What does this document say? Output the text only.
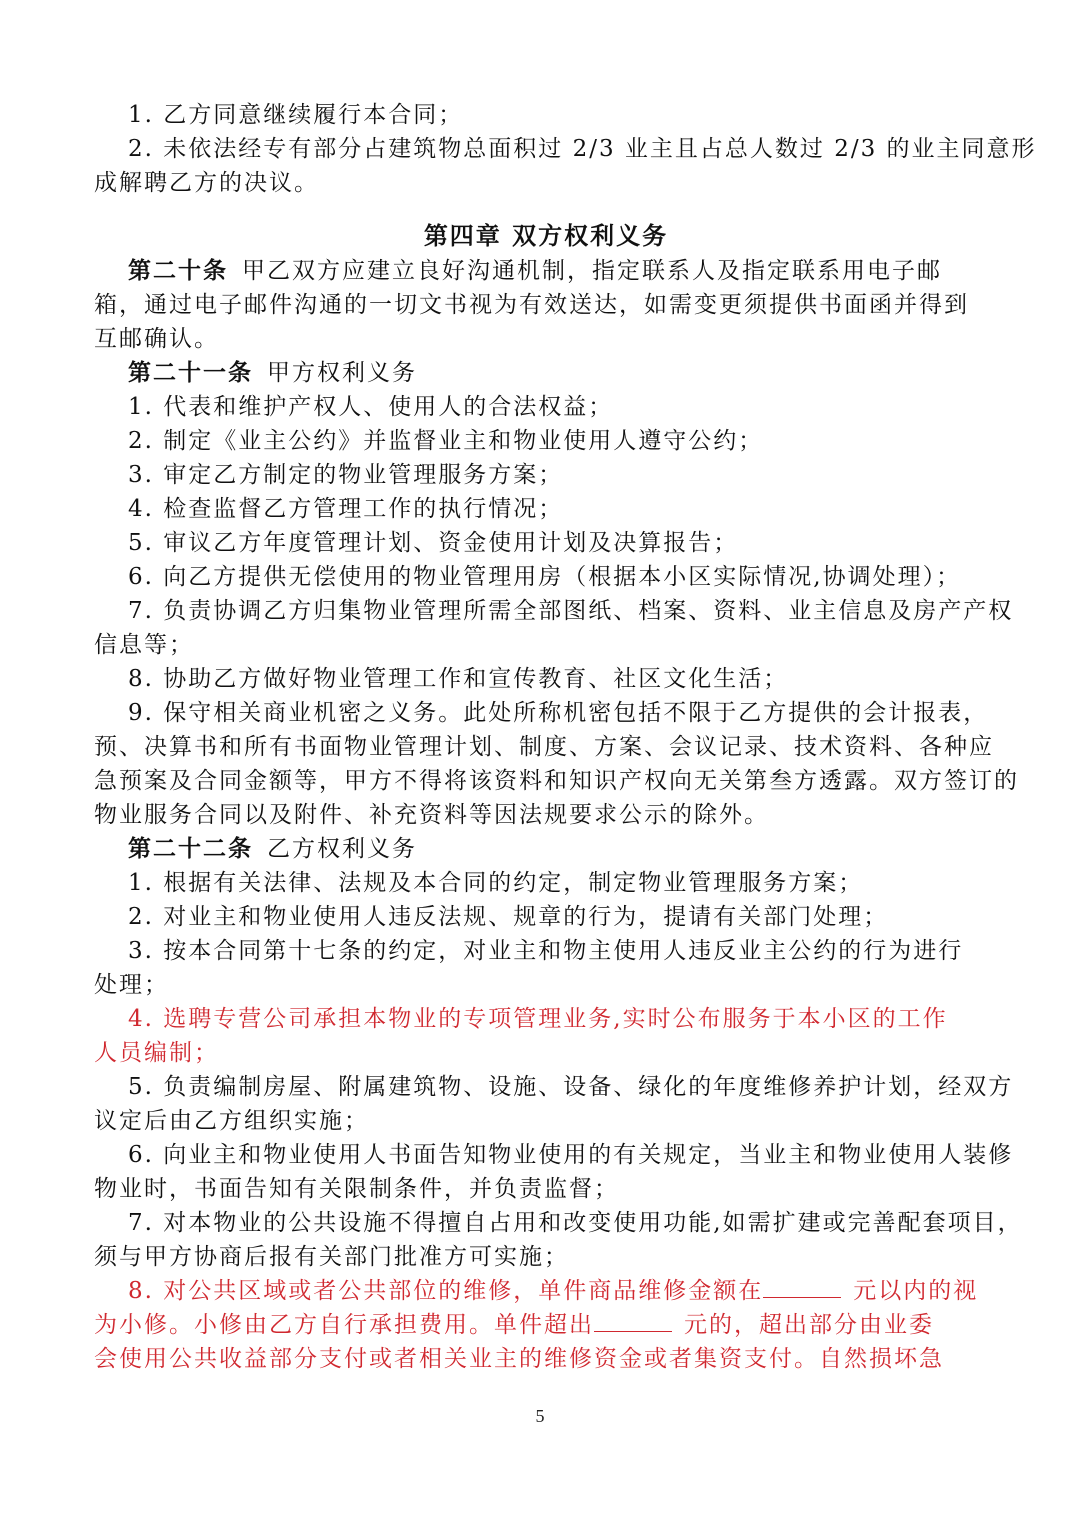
1. 乙方同意继续履行本合同；

2. 未依法经专有部分占建筑物总面积过 2/3 业主且占总人数过 2/3 的业主同意形

成解聘乙方的决议。

第四章 双方权利义务

第二十条 甲乙双方应建立良好沟通机制，指定联系人及指定联系用电子邮

箱，通过电子邮件沟通的一切文书视为有效送达，如需变更须提供书面函并得到

互邮确认。

第二十一条 甲方权利义务

1. 代表和维护产权人、使用人的合法权益；

2. 制定《业主公约》并监督业主和物业使用人遵守公约；

3. 审定乙方制定的物业管理服务方案；

4. 检查监督乙方管理工作的执行情况；

5. 审议乙方年度管理计划、资金使用计划及决算报告；

6. 向乙方提供无偿使用的物业管理用房（根据本小区实际情况,协调处理）；

7. 负责协调乙方归集物业管理所需全部图纸、档案、资料、业主信息及房产产权

信息等；

8. 协助乙方做好物业管理工作和宣传教育、社区文化生活；

9. 保守相关商业机密之义务。此处所称机密包括不限于乙方提供的会计报表，

预、决算书和所有书面物业管理计划、制度、方案、会议记录、技术资料、各种应

急预案及合同金额等，甲方不得将该资料和知识产权向无关第叁方透露。双方签订的

物业服务合同以及附件、补充资料等因法规要求公示的除外。

第二十二条 乙方权利义务

1. 根据有关法律、法规及本合同的约定，制定物业管理服务方案；

2. 对业主和物业使用人违反法规、规章的行为，提请有关部门处理；

3. 按本合同第十七条的约定，对业主和物主使用人违反业主公约的行为进行

处理；

4. 选聘专营公司承担本物业的专项管理业务,实时公布服务于本小区的工作

人员编制；

5. 负责编制房屋、附属建筑物、设施、设备、绿化的年度维修养护计划，经双方

议定后由乙方组织实施；

6. 向业主和物业使用人书面告知物业使用的有关规定，当业主和物业使用人装修

物业时，书面告知有关限制条件，并负责监督；

7. 对本物业的公共设施不得擅自占用和改变使用功能,如需扩建或完善配套项目，

须与甲方协商后报有关部门批准方可实施；

8. 对公共区域或者公共部位的维修，单件商品维修金额在	元以内的视

为小修。小修由乙方自行承担费用。单件超出	元的，超出部分由业委

会使用公共收益部分支付或者相关业主的维修资金或者集资支付。自然损坏急

5
